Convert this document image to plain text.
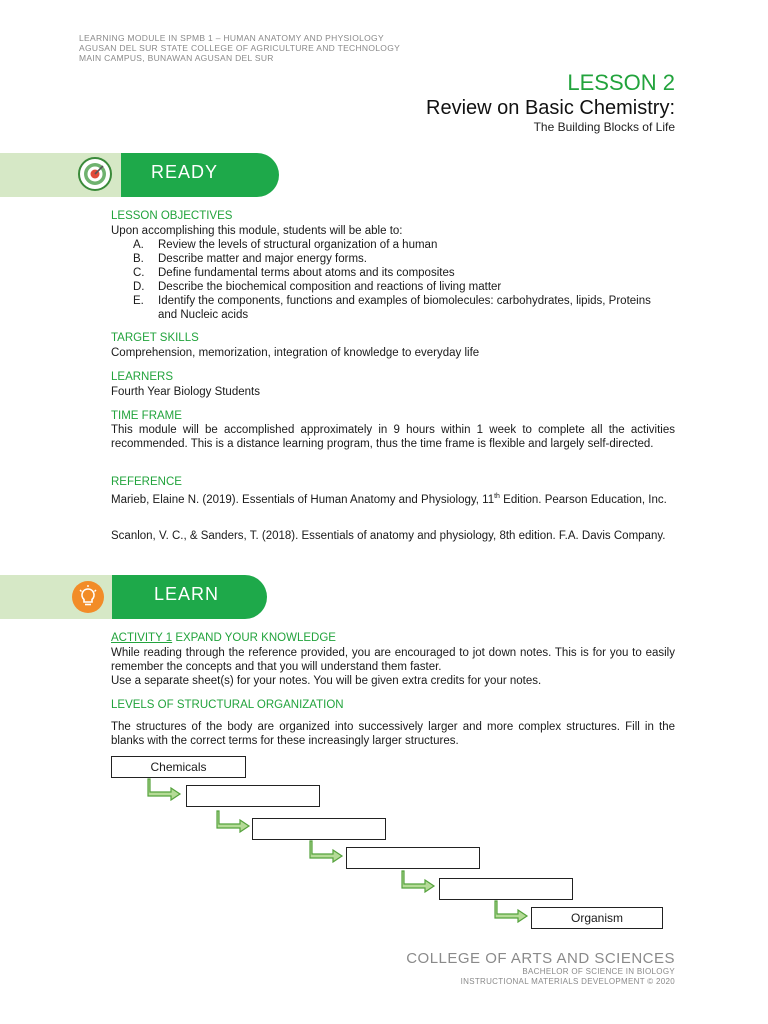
LEARNING MODULE IN SPMB 1 – HUMAN ANATOMY AND PHYSIOLOGY
AGUSAN DEL SUR STATE COLLEGE OF AGRICULTURE AND TECHNOLOGY
MAIN CAMPUS, BUNAWAN AGUSAN DEL SUR
LESSON 2
Review on Basic Chemistry:
The Building Blocks of Life
READY
LESSON OBJECTIVES
Upon accomplishing this module, students will be able to:
A. Review the levels of structural organization of a human
B. Describe matter and major energy forms.
C. Define fundamental terms about atoms and its composites
D. Describe the biochemical composition and reactions of living matter
E. Identify the components, functions and examples of biomolecules: carbohydrates, lipids, Proteins and Nucleic acids
TARGET SKILLS
Comprehension, memorization, integration of knowledge to everyday life
LEARNERS
Fourth Year Biology Students
TIME FRAME
This module will be accomplished approximately in 9 hours within 1 week to complete all the activities recommended. This is a distance learning program, thus the time frame is flexible and largely self-directed.
REFERENCE
Marieb, Elaine N. (2019). Essentials of Human Anatomy and Physiology, 11th Edition. Pearson Education, Inc.
Scanlon, V. C., & Sanders, T. (2018). Essentials of anatomy and physiology, 8th edition. F.A. Davis Company.
LEARN
ACTIVITY 1 EXPAND YOUR KNOWLEDGE
While reading through the reference provided, you are encouraged to jot down notes. This is for you to easily remember the concepts and that you will understand them faster.
Use a separate sheet(s) for your notes. You will be given extra credits for your notes.
LEVELS OF STRUCTURAL ORGANIZATION
The structures of the body are organized into successively larger and more complex structures. Fill in the blanks with the correct terms for these increasingly larger structures.
Chemicals
Organism
COLLEGE OF ARTS AND SCIENCES
BACHELOR OF SCIENCE IN BIOLOGY
INSTRUCTIONAL MATERIALS DEVELOPMENT © 2020
